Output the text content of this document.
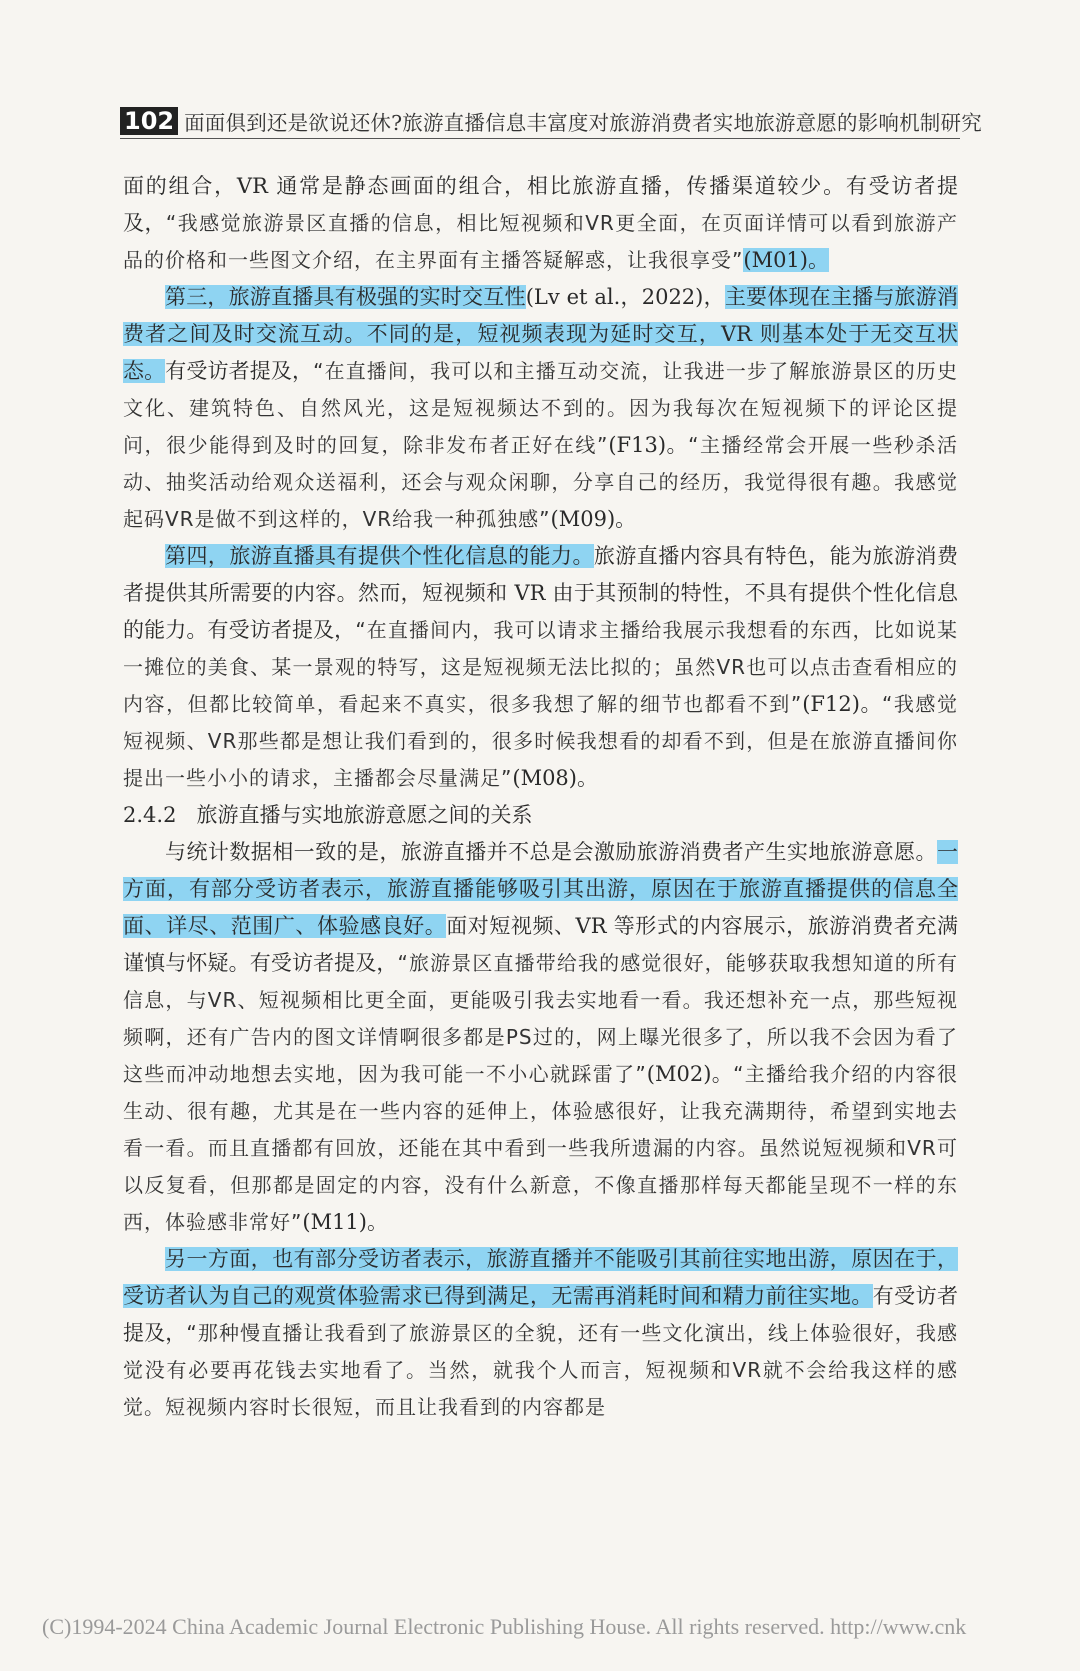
102 面面俱到还是欲说还休?旅游直播信息丰富度对旅游消费者实地旅游意愿的影响机制研究

面的组合，VR 通常是静态画面的组合，相比旅游直播，传播渠道较少。有受访者提及，“我感觉旅游景区直播的信息，相比短视频和VR更全面，在页面详情可以看到旅游产品的价格和一些图文介绍，在主界面有主播答疑解惑，让我很享受”(M01)。

第三，旅游直播具有极强的实时交互性(Lv et al.，2022)，主要体现在主播与旅游消费者之间及时交流互动。不同的是，短视频表现为延时交互，VR 则基本处于无交互状态。有受访者提及，“在直播间，我可以和主播互动交流，让我进一步了解旅游景区的历史文化、建筑特色、自然风光，这是短视频达不到的。因为我每次在短视频下的评论区提问，很少能得到及时的回复，除非发布者正好在线”(F13)。“主播经常会开展一些秒杀活动、抽奖活动给观众送福利，还会与观众闲聊，分享自己的经历，我觉得很有趣。我感觉起码VR是做不到这样的，VR给我一种孤独感”(M09)。

第四，旅游直播具有提供个性化信息的能力。旅游直播内容具有特色，能为旅游消费者提供其所需要的内容。然而，短视频和 VR 由于其预制的特性，不具有提供个性化信息的能力。有受访者提及，“在直播间内，我可以请求主播给我展示我想看的东西，比如说某一摊位的美食、某一景观的特写，这是短视频无法比拟的；虽然VR也可以点击查看相应的内容，但都比较简单，看起来不真实，很多我想了解的细节也都看不到”(F12)。“我感觉短视频、VR那些都是想让我们看到的，很多时候我想看的却看不到，但是在旅游直播间你提出一些小小的请求，主播都会尽量满足”(M08)。

2.4.2 旅游直播与实地旅游意愿之间的关系

与统计数据相一致的是，旅游直播并不总是会激励旅游消费者产生实地旅游意愿。一方面，有部分受访者表示，旅游直播能够吸引其出游，原因在于旅游直播提供的信息全面、详尽、范围广、体验感良好。面对短视频、VR 等形式的内容展示，旅游消费者充满谨慎与怀疑。有受访者提及，“旅游景区直播带给我的感觉很好，能够获取我想知道的所有信息，与VR、短视频相比更全面，更能吸引我去实地看一看。我还想补充一点，那些短视频啊，还有广告内的图文详情啊很多都是PS过的，网上曝光很多了，所以我不会因为看了这些而冲动地想去实地，因为我可能一不小心就踩雷了”(M02)。“主播给我介绍的内容很生动、很有趣，尤其是在一些内容的延伸上，体验感很好，让我充满期待，希望到实地去看一看。而且直播都有回放，还能在其中看到一些我所遗漏的内容。虽然说短视频和VR可以反复看，但那都是固定的内容，没有什么新意，不像直播那样每天都能呈现不一样的东西，体验感非常好”(M11)。

另一方面，也有部分受访者表示，旅游直播并不能吸引其前往实地出游，原因在于，受访者认为自己的观赏体验需求已得到满足，无需再消耗时间和精力前往实地。有受访者提及，“那种慢直播让我看到了旅游景区的全貌，还有一些文化演出，线上体验很好，我感觉没有必要再花钱去实地看了。当然，就我个人而言，短视频和VR就不会给我这样的感觉。短视频内容时长很短，而且让我看到的内容都是

(C)1994-2024 China Academic Journal Electronic Publishing House. All rights reserved. http://www.cnk
